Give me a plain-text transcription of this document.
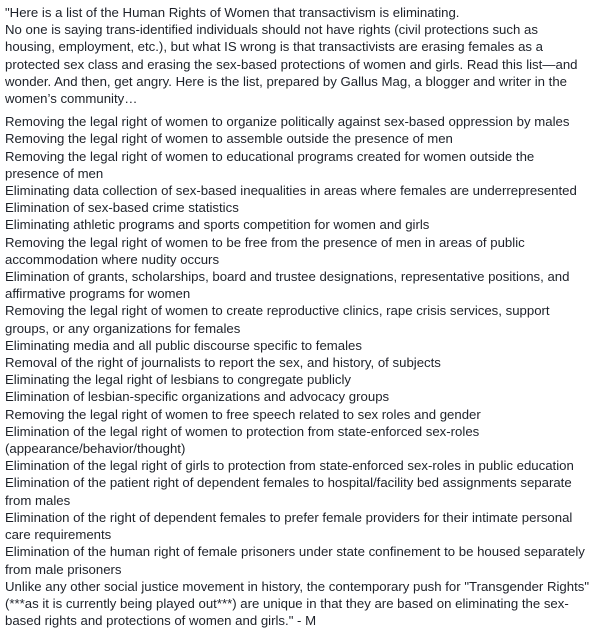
"Here is a list of the Human Rights of Women that transactivism is eliminating.

No one is saying trans-identified individuals should not have rights (civil protections such as housing, employment, etc.), but what IS wrong is that transactivists are erasing females as a protected sex class and erasing the sex-based protections of women and girls. Read this list—and wonder. And then, get angry. Here is the list, prepared by Gallus Mag, a blogger and writer in the women’s community…

Removing the legal right of women to organize politically against sex-based oppression by males
Removing the legal right of women to assemble outside the presence of men
Removing the legal right of women to educational programs created for women outside the presence of men
Eliminating data collection of sex-based inequalities in areas where females are underrepresented
Elimination of sex-based crime statistics
Eliminating athletic programs and sports competition for women and girls
Removing the legal right of women to be free from the presence of men in areas of public accommodation where nudity occurs
Elimination of grants, scholarships, board and trustee designations, representative positions, and affirmative programs for women
Removing the legal right of women to create reproductive clinics, rape crisis services, support groups, or any organizations for females
Eliminating media and all public discourse specific to females
Removal of the right of journalists to report the sex, and history, of subjects
Eliminating the legal right of lesbians to congregate publicly
Elimination of lesbian-specific organizations and advocacy groups
Removing the legal right of women to free speech related to sex roles and gender
Elimination of the legal right of women to protection from state-enforced sex-roles (appearance/behavior/thought)
Elimination of the legal right of girls to protection from state-enforced sex-roles in public education
Elimination of the patient right of dependent females to hospital/facility bed assignments separate from males
Elimination of the right of dependent females to prefer female providers for their intimate personal care requirements
Elimination of the human right of female prisoners under state confinement to be housed separately from male prisoners

Unlike any other social justice movement in history, the contemporary push for "Transgender Rights" (***as it is currently being played out***) are unique in that they are based on eliminating the sex-based rights and protections of women and girls." - M
